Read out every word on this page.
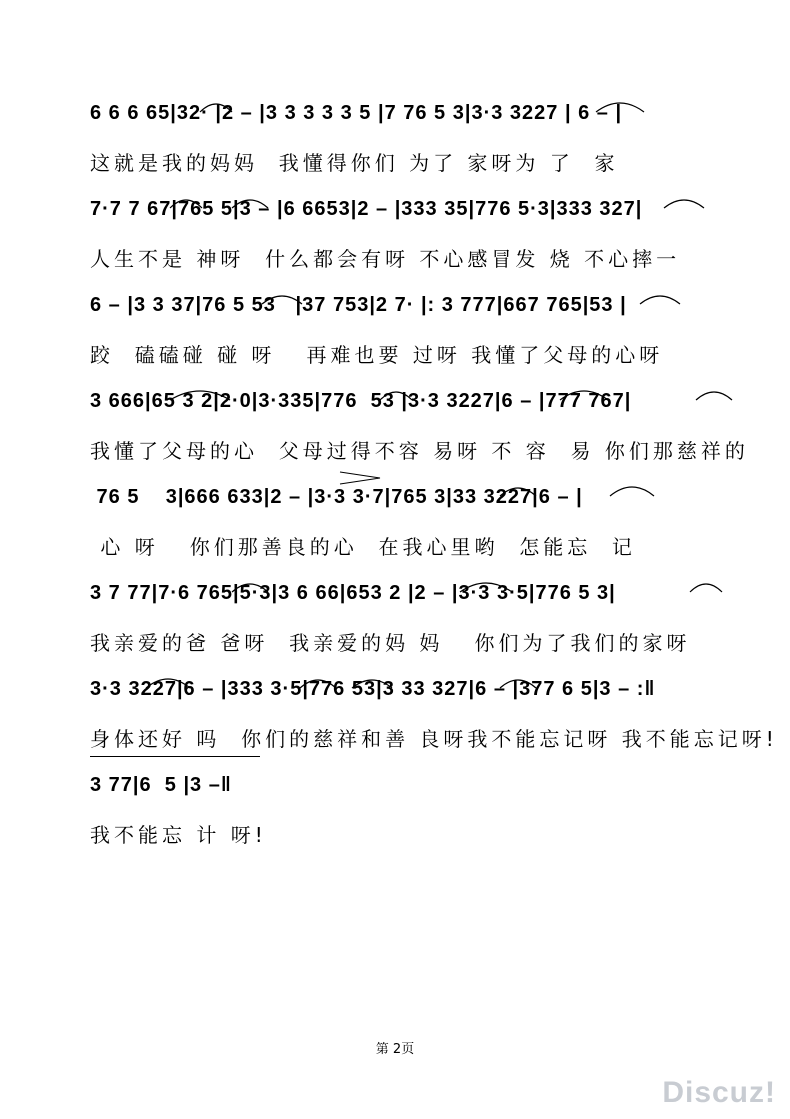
6 6 6 65|32· |2 – |3 3 3 3 3 5 |7 76 5 3|3·3 3227 | 6 – |
这就是我的妈妈  我懂得你们 为了 家呀为 了  家
7·7 7 67|765 5|3 – |6 6653|2 – |333 35|776 5·3|333 327|
人生不是 神呀  什么都会有呀 不心感冒发 烧 不心摔一
6 – |3 3 37|76 5 53   |37 753|2 7· |: 3 777|667 765|53 |
跤  磕磕碰 碰 呀   再难也要 过呀 我懂了父母的心呀
3 666|65 3 2|2·0|3·335|776  53 |3·3 3227|6 – |777 767|
我懂了父母的心  父母过得不容 易呀 不 容  易 你们那慈祥的
76 5    3|666 633|2 – |3·3 3·7|765 3|33 3227|6 – |
心 呀   你们那善良的心  在我心里哟  怎能忘  记
3 7 77|7·6 765|5·3|3 6 66|653 2 |2 – |3·3 3·5|776 5 3|
我亲爱的爸 爸呀  我亲爱的妈 妈   你们为了我们的家呀
3·3 3227|6 – |333 3·5|776 53|3 33 327|6 – |377 6 5|3 – :‖
身体还好 吗  你们的慈祥和善 良呀我不能忘记呀 我不能忘记呀!
3 77|6  5 |3 –‖
我不能忘 计 呀!
第 2页
Discuz!
